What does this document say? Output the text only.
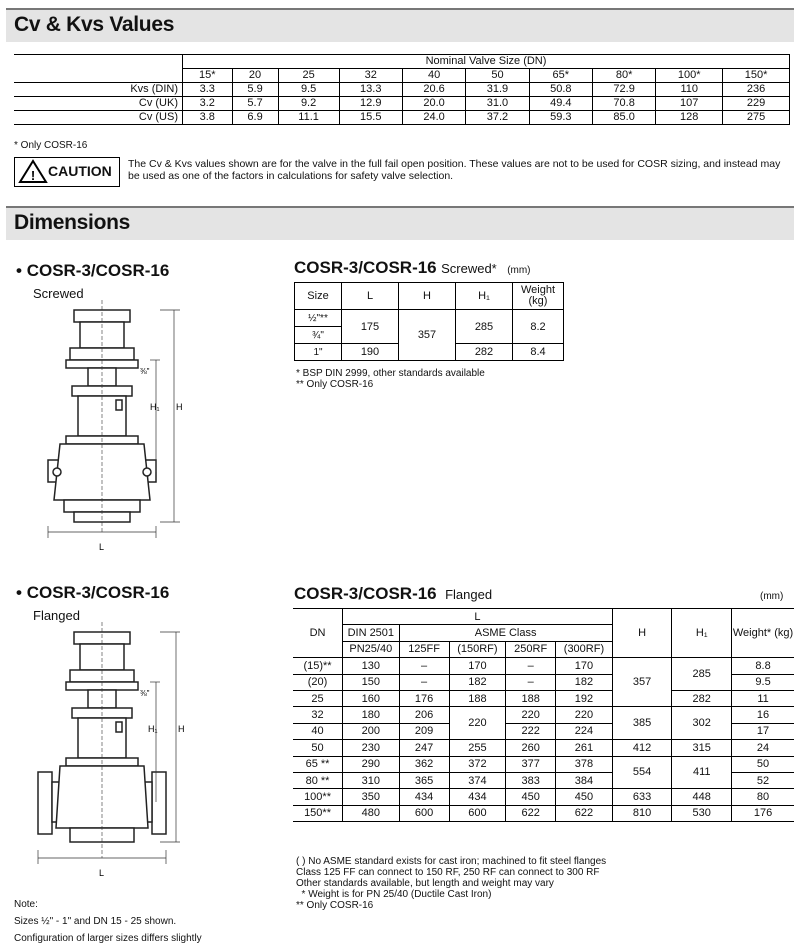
Cv & Kvs Values
	Nominal Valve Size (DN)									
	15*	20	25	32	40	50	65*	80*	100*	150*
Kvs (DIN)	3.3	5.9	9.5	13.3	20.6	31.9	50.8	72.9	110	236
Cv (UK)	3.2	5.7	9.2	12.9	20.0	31.0	49.4	70.8	107	229
Cv (US)	3.8	6.9	11.1	15.5	24.0	37.2	59.3	85.0	128	275
* Only COSR-16
! CAUTION The Cv & Kvs values shown are for the valve in the full fail open position. These values are not to be used for COSR sizing, and instead may be used as one of the factors in calculations for safety valve selection.
Dimensions
• COSR-3/COSR-16
Screwed
COSR-3/COSR-16 Screwed* (mm)
Size	L	H	H₁	Weight (kg)
½"**	175	357	285	8.2
¾"				
1"	190		282	8.4
* BSP DIN 2999, other standards available
** Only COSR-16
⅜"
H₁ H
L
• COSR-3/COSR-16
Flanged
COSR-3/COSR-16 Flanged	(mm)
DN	L					H	H₁	Weight* (kg)
	DIN 2501	ASME Class						
	PN25/40	125FF	(150RF)	250RF	(300RF)			
(15)**	130	–	170	–	170	357	285	8.8
(20)	150	–	182	–	182			9.5
25	160	176	188	188	192		282	11
32	180	206	220	220	220	385	302	16
40	200	209		222	224			17
50	230	247	255	260	261	412	315	24
65 **	290	362	372	377	378	554	411	50
80 **	310	365	374	383	384			52
100**	350	434	434	450	450	633	448	80
150**	480	600	600	622	622	810	530	176
( ) No ASME standard exists for cast iron; machined to fit steel flanges
Class 125 FF can connect to 150 RF, 250 RF can connect to 300 RF
Other standards available, but length and weight may vary
* Weight is for PN 25/40 (Ductile Cast Iron)
** Only COSR-16
⅜"
H₁ H
L
Note:
Sizes ½" - 1" and DN 15 - 25 shown.
Configuration of larger sizes differs slightly
